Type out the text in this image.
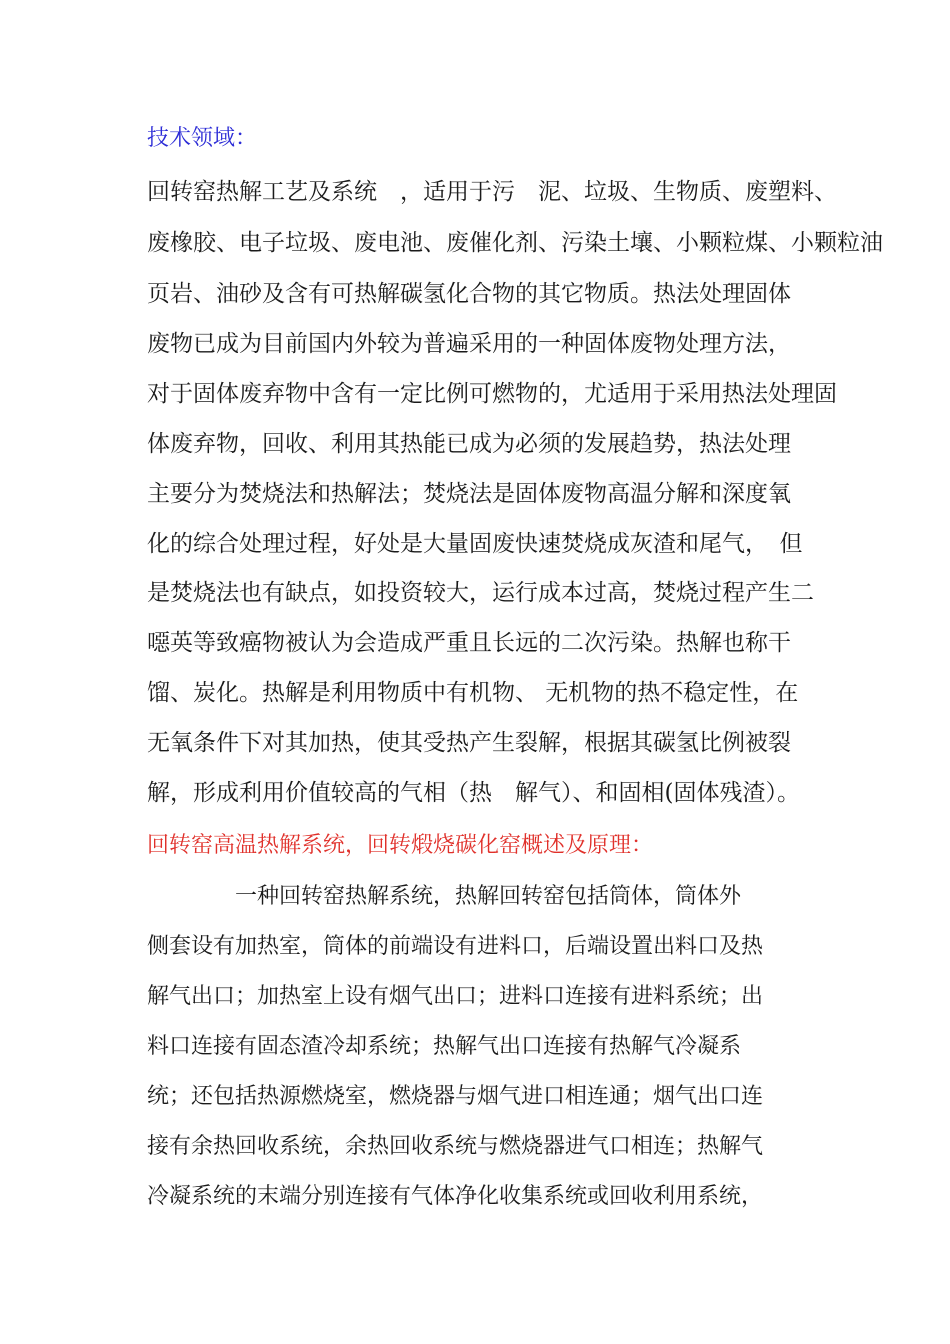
技术领域：
回转窑热解工艺及系统　，适用于污　泥、垃圾、生物质、废塑料、
废橡胶、电子垃圾、废电池、废催化剂、污染土壤、小颗粒煤、小颗粒油
页岩、油砂及含有可热解碳氢化合物的其它物质。热法处理固体
废物已成为目前国内外较为普遍采用的一种固体废物处理方法，
对于固体废弃物中含有一定比例可燃物的，尤适用于采用热法处理固
体废弃物，回收、利用其热能已成为必须的发展趋势，热法处理
主要分为焚烧法和热解法；焚烧法是固体废物高温分解和深度氧
化的综合处理过程，好处是大量固废快速焚烧成灰渣和尾气，　但
是焚烧法也有缺点，如投资较大，运行成本过高，焚烧过程产生二
噁英等致癌物被认为会造成严重且长远的二次污染。热解也称干
馏、炭化。热解是利用物质中有机物、 无机物的热不稳定性，在
无氧条件下对其加热，使其受热产生裂解，根据其碳氢比例被裂
解，形成利用价值较高的气相（热　解气）、和固相(固体残渣）。
回转窑高温热解系统，回转煅烧碳化窑概述及原理：
　　　　一种回转窑热解系统，热解回转窑包括筒体，筒体外
侧套设有加热室，筒体的前端设有进料口，后端设置出料口及热
解气出口；加热室上设有烟气出口；进料口连接有进料系统；出
料口连接有固态渣冷却系统；热解气出口连接有热解气冷凝系
统；还包括热源燃烧室，燃烧器与烟气进口相连通；烟气出口连
接有余热回收系统，余热回收系统与燃烧器进气口相连；热解气
冷凝系统的末端分别连接有气体净化收集系统或回收利用系统，
